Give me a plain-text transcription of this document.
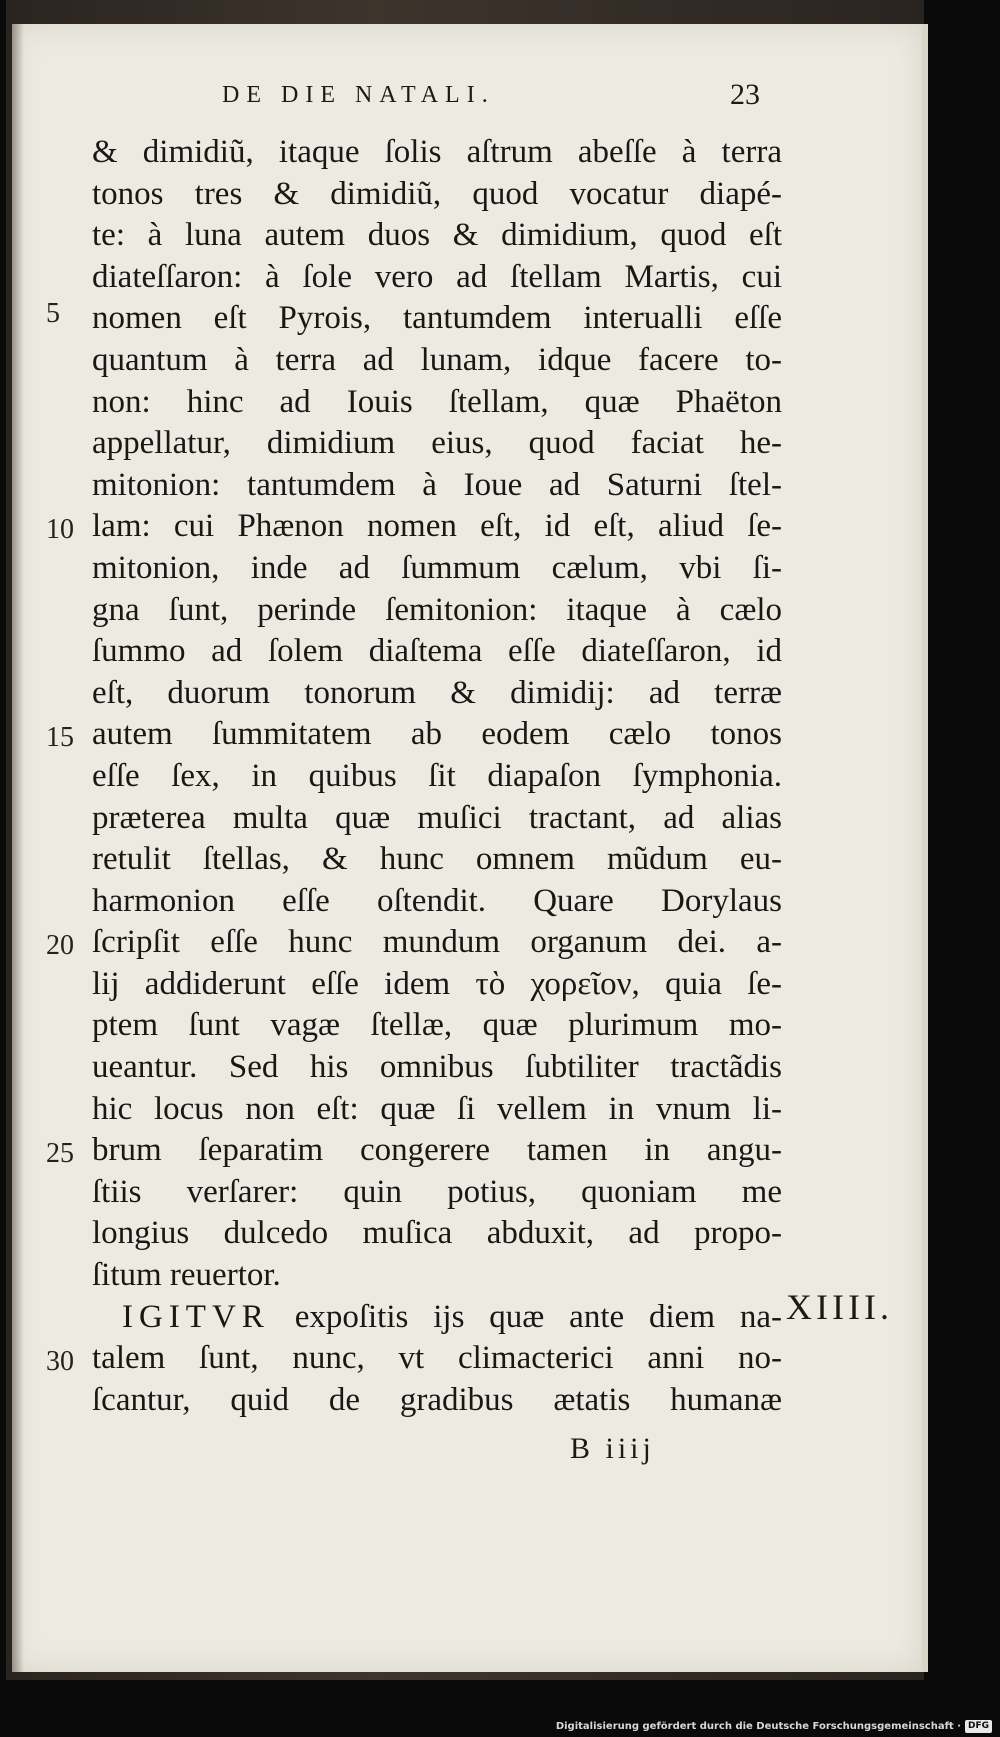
DE DIE NATALI.	23
& dimidiũ, itaque ſolis aſtrum abeſſe à terra
tonos tres & dimidiũ, quod vocatur diapé-
te: à luna autem duos & dimidium, quod eſt
diateſſaron: à ſole vero ad ſtellam Martis, cui
nomen eſt Pyrois, tantumdem interualli eſſe
quantum à terra ad lunam, idque facere to-
non: hinc ad Iouis ſtellam, quæ Phaëton
appellatur, dimidium eius, quod faciat he-
mitonion: tantumdem à Ioue ad Saturni ſtel-
lam: cui Phænon nomen eſt, id eſt, aliud ſe-
mitonion, inde ad ſummum cælum, vbi ſi-
gna ſunt, perinde ſemitonion: itaque à cælo
ſummo ad ſolem diaſtema eſſe diateſſaron, id
eſt, duorum tonorum & dimidij: ad terræ
autem ſummitatem ab eodem cælo tonos
eſſe ſex, in quibus ſit diapaſon ſymphonia.
præterea multa quæ muſici tractant, ad alias
retulit ſtellas, & hunc omnem mũdum eu-
harmonion eſſe oſtendit. Quare Dorylaus
ſcripſit eſſe hunc mundum organum dei. a-
lij addiderunt eſſe idem τὸ χορεῖον, quia ſe-
ptem ſunt vagæ ſtellæ, quæ plurimum mo-
ueantur. Sed his omnibus ſubtiliter tractãdis
hic locus non eſt: quæ ſi vellem in vnum li-
brum ſeparatim congerere tamen in angu-
ſtiis verſarer: quin potius, quoniam me
longius dulcedo muſica abduxit, ad propo-
ſitum reuertor.
IGITVR expoſitis ijs quæ ante diem na-
talem ſunt, nunc, vt climacterici anni no-
ſcantur, quid de gradibus ætatis humanæ
5
10
15
20
25
30
XIIII.
B iiij
Digitalisierung gefördert durch die Deutsche Forschungsgemeinschaft · DFG
